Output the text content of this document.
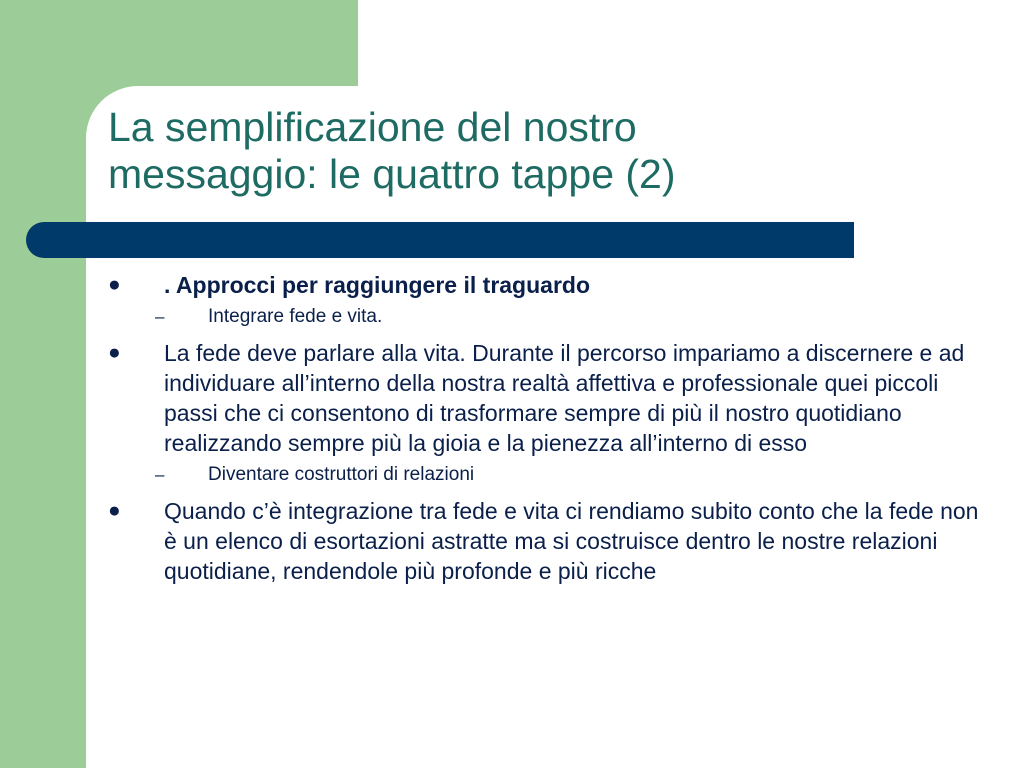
La semplificazione del nostro
messaggio: le quattro tappe (2)
●	. Approcci per raggiungere il traguardo
– Integrare fede e vita.
●	La fede deve parlare alla vita. Durante il percorso impariamo a discernere e ad individuare all’interno della nostra realtà affettiva e professionale quei piccoli passi che ci consentono di trasformare sempre di più il nostro quotidiano realizzando sempre più la gioia e la pienezza all’interno di esso
– Diventare costruttori di relazioni
●	Quando c’è integrazione tra fede e vita ci rendiamo subito conto che la fede non è un elenco di esortazioni astratte ma si costruisce dentro le nostre relazioni quotidiane, rendendole più profonde e più ricche
